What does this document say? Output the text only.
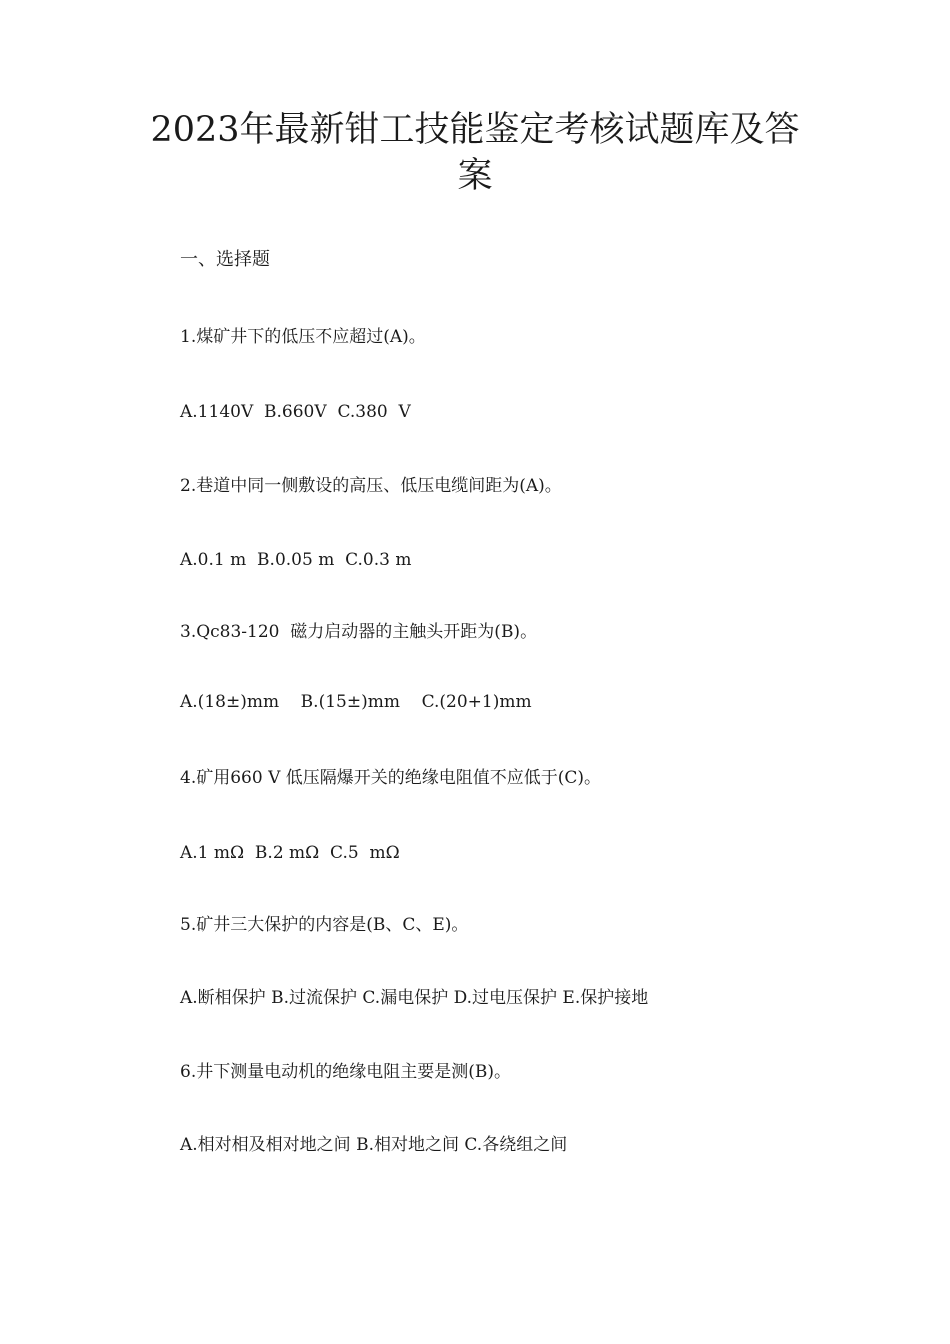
2023年最新钳工技能鉴定考核试题库及答
案

一、选择题

1.煤矿井下的低压不应超过(A)。

A.1140V  B.660V  C.380  V

2.巷道中同一侧敷设的高压、低压电缆间距为(A)。

A.0.1 m  B.0.05 m  C.0.3 m

3.Qc83-120  磁力启动器的主触头开距为(B)。

A.(18±)mm    B.(15±)mm    C.(20+1)mm

4.矿用660 V 低压隔爆开关的绝缘电阻值不应低于(C)。

A.1 mΩ  B.2 mΩ  C.5  mΩ

5.矿井三大保护的内容是(B、C、E)。

A.断相保护 B.过流保护 C.漏电保护 D.过电压保护 E.保护接地

6.井下测量电动机的绝缘电阻主要是测(B)。

A.相对相及相对地之间 B.相对地之间 C.各绕组之间
